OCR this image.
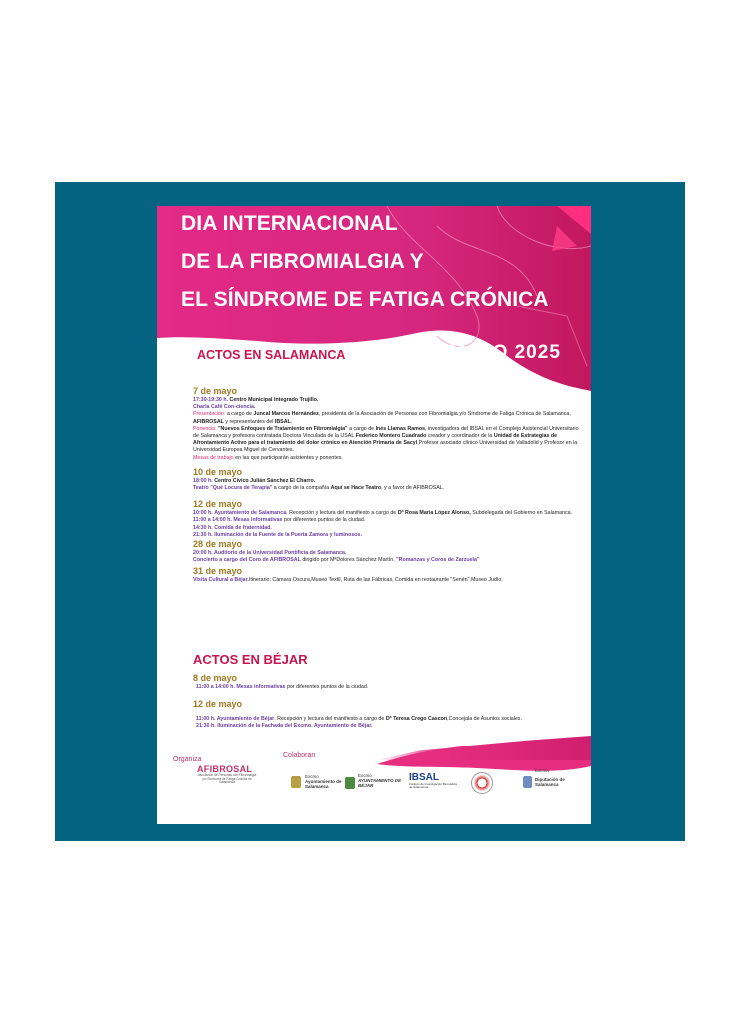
DIA INTERNACIONAL
DE LA FIBROMIALGIA Y
EL SÍNDROME DE FATIGA CRÓNICA
ACTOS EN SALAMANCA 12 DE MAYO 2025
7 de mayo
17:30-19:30 h. Centro Municipal Integrado Trujillo.
Charla Café Con-ciencia.
Presentación: a cargo de Juncal Marcos Hernández, presidenta de la Asociación de Personas con Fibromialgia y/o Síndrome de Fatiga Crónica de Salamanca, AFIBROSAL y representantes del IBSAL.
Ponencia: "Nuevos Enfoques de Tratamiento en Fibromialgia" a cargo de Inés Llamas Ramos, investigadora del IBSAL en el Complejo Asistencial Universitario de Salamanca y profesora contratada Doctora Vinculada de la USAL.Federico Montero Cuadrado creador y coordinador de la Unidad de Estrategias de Afrontamiento Activo para el tratamiento del dolor crónico en Atención Primaria de Sacyl,Profesor asociado clínico Universidad de Valladolid y Profesor en la Universidad Europea Miguel de Cervantes.
Mesas de trabajo en las que participarán asistentes y ponentes.
10 de mayo
18:00 h. Centro Cívico Julián Sánchez El Charro.
Teatro "Qué Locura de Terapia" a cargo de la compañía Aquí se Hace Teatro, y a favor de AFIBROSAL.
12 de mayo
10:00 h. Ayuntamiento de Salamanca. Recepción y lectura del manifiesto a cargo de Dª Rosa María López Alonso, Subdelegada del Gobierno en Salamanca.
11:00 a 14:00 h. Mesas informativas por diferentes puntos de la ciudad.
14:30 h. Comida de fraternidad.
21:30 h. Iluminación de la Fuente de la Puerta Zamora y luminosos.
28 de mayo
20:00 h. Auditorio de la Universidad Pontificia de Salamanca.
Concierto a cargo del Coro de AFIBROSAL dirigido por MªDolores Sánchez Martín. "Romanzas y Coros de Zarzuela"
31 de mayo
Visita Cultural a Béjar.Itinerario: Cámara Oscura,Museo Textil, Ruta de las Fábricas, Comida en restaurante "Senén",Museo Judío.
ACTOS EN BÉJAR
8 de mayo
11:00 a 14:00 h. Mesas informativas por diferentes puntos de la ciudad.
12 de mayo
11:00 h. Ayuntamiento de Béjar. Recepción y lectura del manifiesto a cargo de Dª Teresa Crego Cascon,Concejala de Asuntos sociales.
21:30 h. Iluminación de la Fachada del Excmo. Ayuntamiento de Béjar.
Organiza
Colaboran
AFIBROSAL
Asociación de Personas con Fibromialgia y/o Síndrome de Fatiga Crónica de Salamanca
Excmo
Ayuntamiento de Salamanca
Excmo
AYUNTAMIENTO DE BÉJAR
IBSAL
Instituto de Investigación Biomédica de Salamanca
Excma
Diputación de Salamanca
